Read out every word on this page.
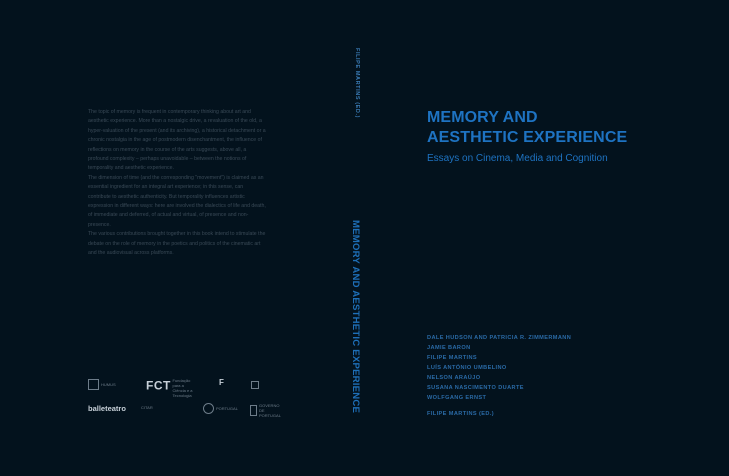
The topic of memory is frequent in contemporary thinking about art and aesthetic experience. More than a nostalgic drive, a revaluation of the old, a hyper-valuation of the present (and its archiving), a historical detachment or a chronic nostalgia in the age of postmodern disenchantment, the influence of reflections on memory in the course of the arts suggests, above all, a profound complexity – perhaps unavoidable – between the notions of temporality and aesthetic experience.

The dimension of time (and the corresponding "movement") is claimed as an essential ingredient for an integral art experience; in this sense, can contribute to aesthetic authenticity. But temporality influences artistic expression in different ways: here are involved the dialectics of life and death, of immediate and deferred, of actual and virtual, of presence and non-presence.

The various contributions brought together in this book intend to stimulate the debate on the role of memory in the poetics and politics of the cinematic art and the audiovisual across platforms.

HUMUS	FCT Fundação para a Ciência e a Tecnologia
F
balleteatro	CITAR	PORTUGAL
GOVERNO DE PORTUGAL
FILIPE MARTINS (ED.)
MEMORY AND AESTHETIC EXPERIENCE
MEMORY AND
AESTHETIC EXPERIENCE
Essays on Cinema, Media and Cognition
DALE HUDSON AND PATRICIA R. ZIMMERMANN
JAMIE BARON
FILIPE MARTINS
LUÍS ANTÓNIO UMBELINO
NELSON ARAÚJO
SUSANA NASCIMENTO DUARTE
WOLFGANG ERNST
FILIPE MARTINS (ED.)
